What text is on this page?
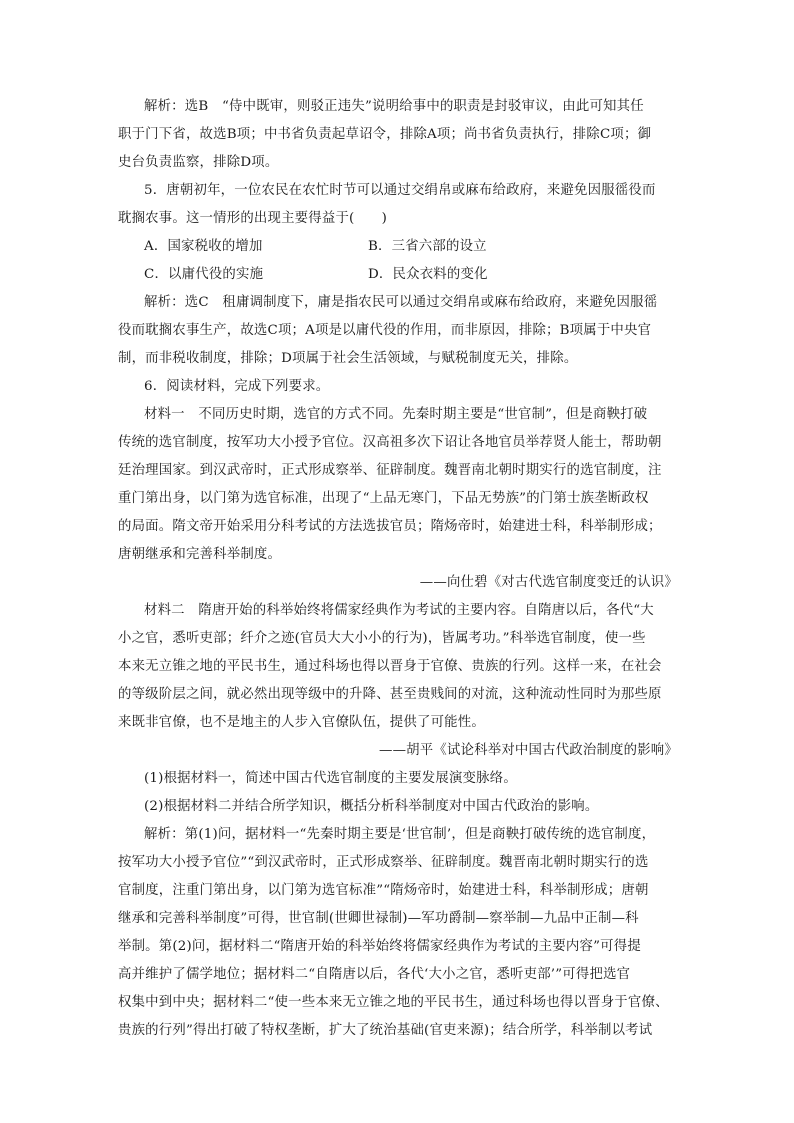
解析：选B　“侍中既审，则驳正违失”说明给事中的职责是封驳审议，由此可知其任
职于门下省，故选B项；中书省负责起草诏令，排除A项；尚书省负责执行，排除C项；御
史台负责监察，排除D项。
5．唐朝初年，一位农民在农忙时节可以通过交绢帛或麻布给政府，来避免因服徭役而
耽搁农事。这一情形的出现主要得益于(　　)
A．国家税收的增加	B．三省六部的设立
C．以庸代役的实施	D．民众衣料的变化
解析：选C　租庸调制度下，庸是指农民可以通过交绢帛或麻布给政府，来避免因服徭
役而耽搁农事生产，故选C项；A项是以庸代役的作用，而非原因，排除；B项属于中央官
制，而非税收制度，排除；D项属于社会生活领域，与赋税制度无关，排除。
6．阅读材料，完成下列要求。
材料一　不同历史时期，选官的方式不同。先秦时期主要是“世官制”，但是商鞅打破
传统的选官制度，按军功大小授予官位。汉高祖多次下诏让各地官员举荐贤人能士，帮助朝
廷治理国家。到汉武帝时，正式形成察举、征辟制度。魏晋南北朝时期实行的选官制度，注
重门第出身，以门第为选官标准，出现了“上品无寒门，下品无势族”的门第士族垄断政权
的局面。隋文帝开始采用分科考试的方法选拔官员；隋炀帝时，始建进士科，科举制形成；
唐朝继承和完善科举制度。
——向仕碧《对古代选官制度变迁的认识》
材料二　隋唐开始的科举始终将儒家经典作为考试的主要内容。自隋唐以后，各代“大
小之官，悉听吏部；纤介之迹(官员大大小小的行为)，皆属考功。”科举选官制度，使一些
本来无立锥之地的平民书生，通过科场也得以晋身于官僚、贵族的行列。这样一来，在社会
的等级阶层之间，就必然出现等级中的升降、甚至贵贱间的对流，这种流动性同时为那些原
来既非官僚，也不是地主的人步入官僚队伍，提供了可能性。
——胡平《试论科举对中国古代政治制度的影响》
(1)根据材料一，简述中国古代选官制度的主要发展演变脉络。
(2)根据材料二并结合所学知识，概括分析科举制度对中国古代政治的影响。
解析：第(1)问，据材料一“先秦时期主要是‘世官制’，但是商鞅打破传统的选官制度，
按军功大小授予官位”“到汉武帝时，正式形成察举、征辟制度。魏晋南北朝时期实行的选
官制度，注重门第出身，以门第为选官标准”“隋炀帝时，始建进士科，科举制形成；唐朝
继承和完善科举制度”可得，世官制(世卿世禄制)—军功爵制—察举制—九品中正制—科
举制。第(2)问，据材料二“隋唐开始的科举始终将儒家经典作为考试的主要内容”可得提
高并维护了儒学地位；据材料二“自隋唐以后，各代‘大小之官，悉听吏部’”可得把选官
权集中到中央；据材料二“使一些本来无立锥之地的平民书生，通过科场也得以晋身于官僚、
贵族的行列”得出打破了特权垄断，扩大了统治基础(官吏来源)；结合所学，科举制以考试
